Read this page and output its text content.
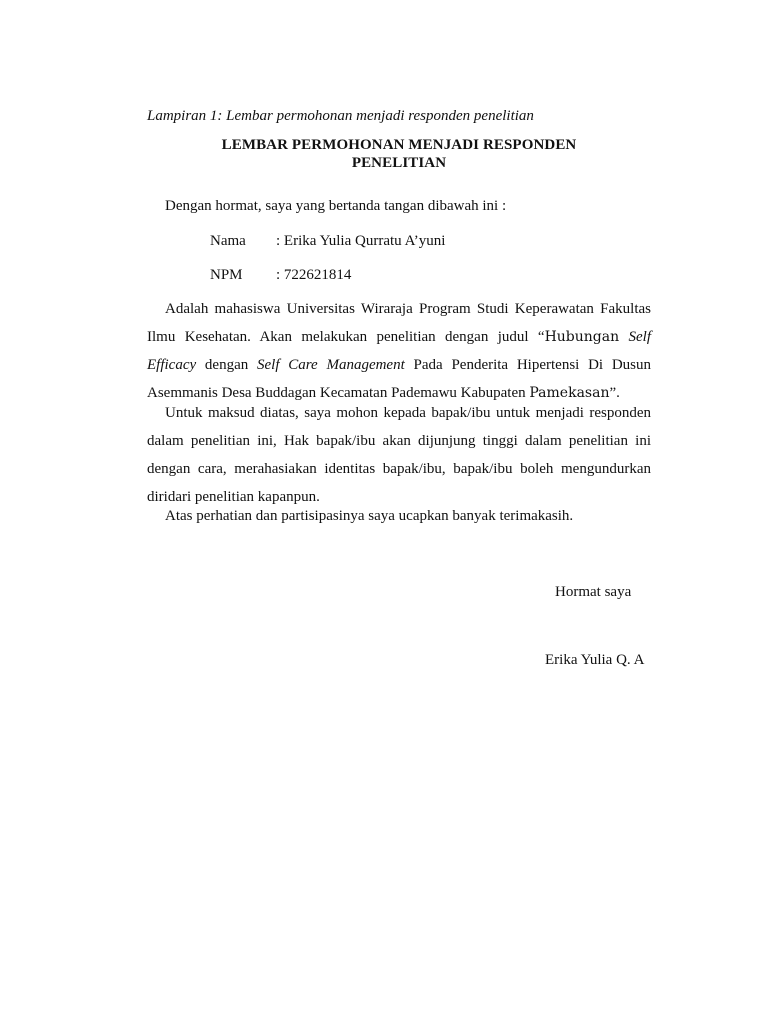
Lampiran 1: Lembar permohonan menjadi responden penelitian
LEMBAR PERMOHONAN MENJADI RESPONDEN
PENELITIAN
Dengan hormat, saya yang bertanda tangan dibawah ini :
Nama : Erika Yulia Qurratu A’yuni
NPM : 722621814
Adalah mahasiswa Universitas Wiraraja Program Studi Keperawatan Fakultas
Ilmu Kesehatan. Akan melakukan penelitian dengan judul “Hubungan Self
Efficacy dengan Self Care Management Pada Penderita Hipertensi Di Dusun
Asemmanis Desa Buddagan Kecamatan Pademawu Kabupaten Pamekasan”.
Untuk maksud diatas, saya mohon kepada bapak/ibu untuk menjadi responden
dalam penelitian ini, Hak bapak/ibu akan dijunjung tinggi dalam penelitian ini
dengan cara, merahasiakan identitas bapak/ibu, bapak/ibu boleh mengundurkan
diridari penelitian kapanpun.
Atas perhatian dan partisipasinya saya ucapkan banyak terimakasih.
Hormat saya
Erika Yulia Q. A
